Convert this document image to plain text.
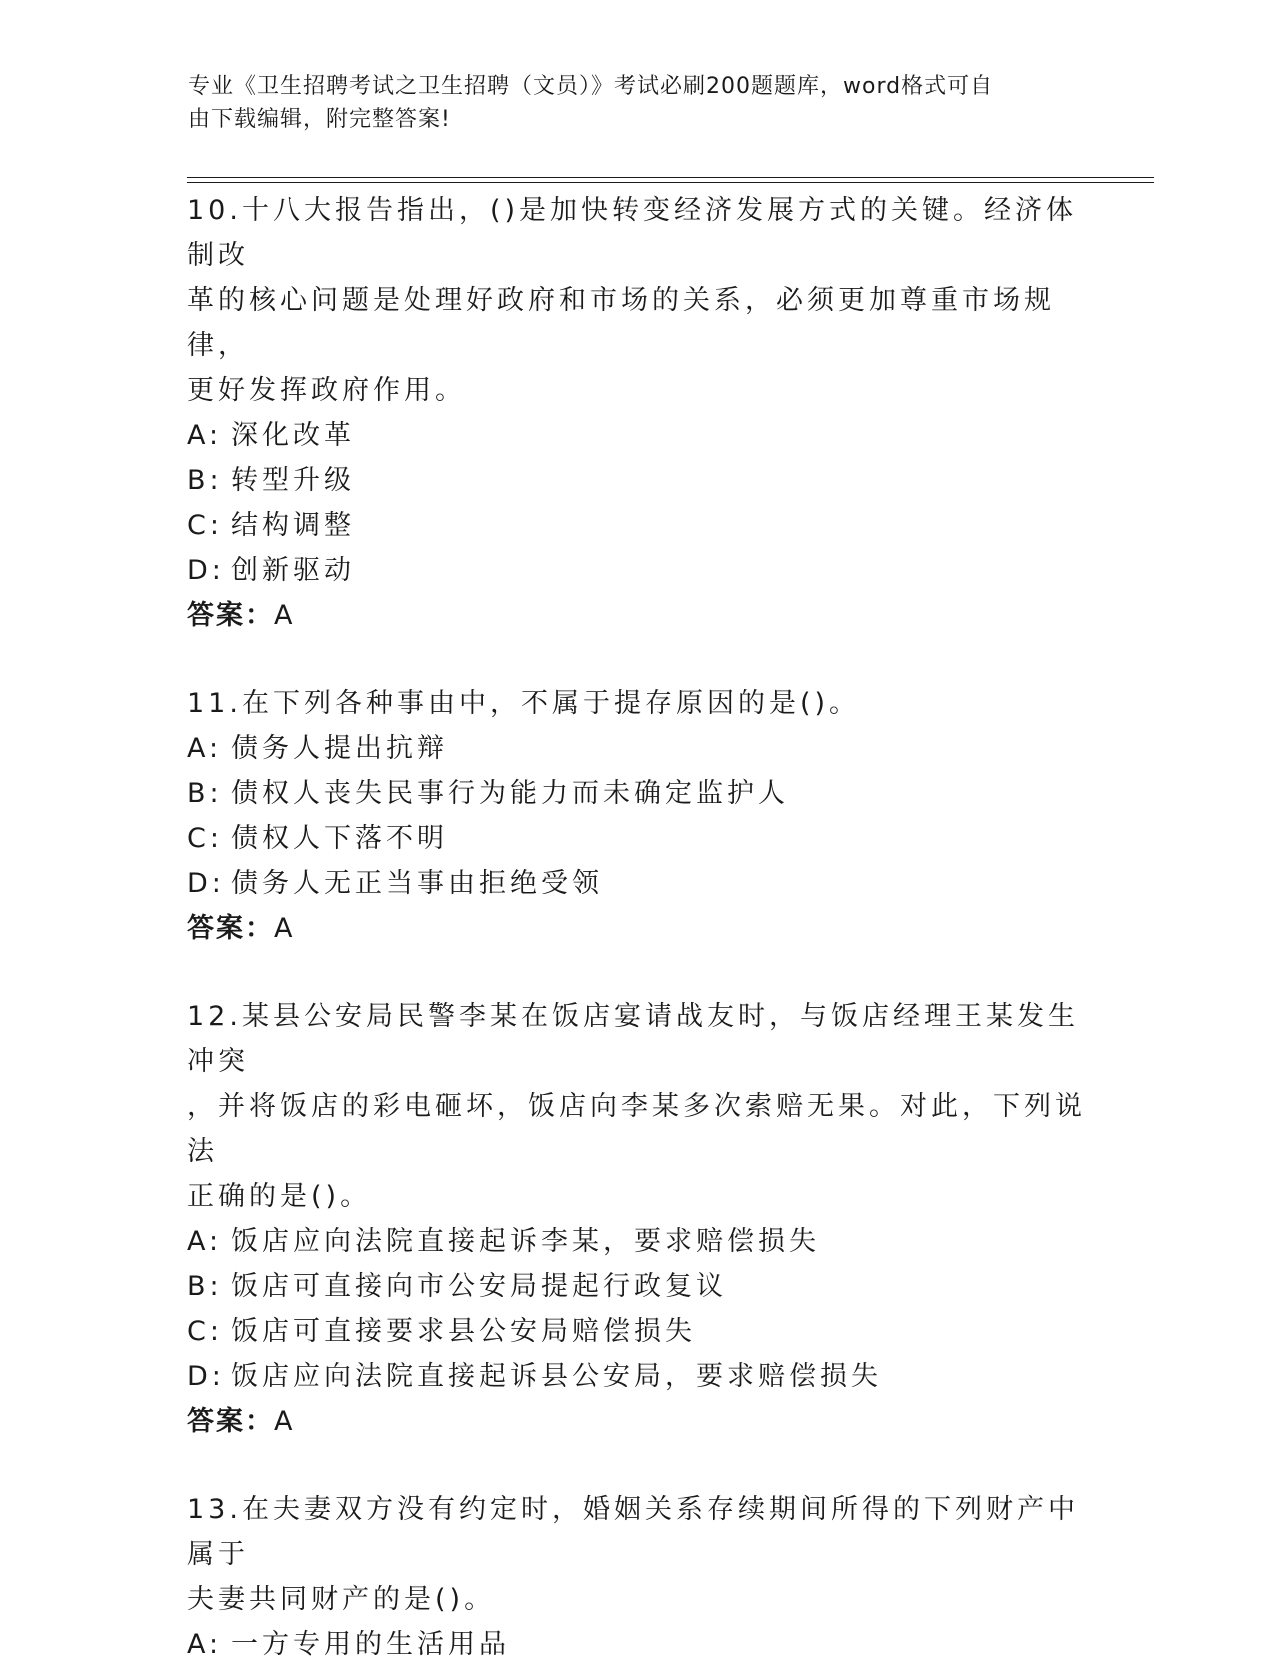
专业《卫生招聘考试之卫生招聘（文员）》考试必刷200题题库，word格式可自
由下载编辑，附完整答案!

10.十八大报告指出，()是加快转变经济发展方式的关键。经济体制改

革的核心问题是处理好政府和市场的关系，必须更加尊重市场规律，

更好发挥政府作用。

A: 深化改革

B: 转型升级

C: 结构调整

D: 创新驱动

答案：A

11.在下列各种事由中，不属于提存原因的是()。

A: 债务人提出抗辩

B: 债权人丧失民事行为能力而未确定监护人

C: 债权人下落不明

D: 债务人无正当事由拒绝受领

答案：A

12.某县公安局民警李某在饭店宴请战友时，与饭店经理王某发生冲突

，并将饭店的彩电砸坏，饭店向李某多次索赔无果。对此，下列说法

正确的是()。

A: 饭店应向法院直接起诉李某，要求赔偿损失

B: 饭店可直接向市公安局提起行政复议

C: 饭店可直接要求县公安局赔偿损失

D: 饭店应向法院直接起诉县公安局，要求赔偿损失

答案：A

13.在夫妻双方没有约定时，婚姻关系存续期间所得的下列财产中属于

夫妻共同财产的是()。

A: 一方专用的生活用品
